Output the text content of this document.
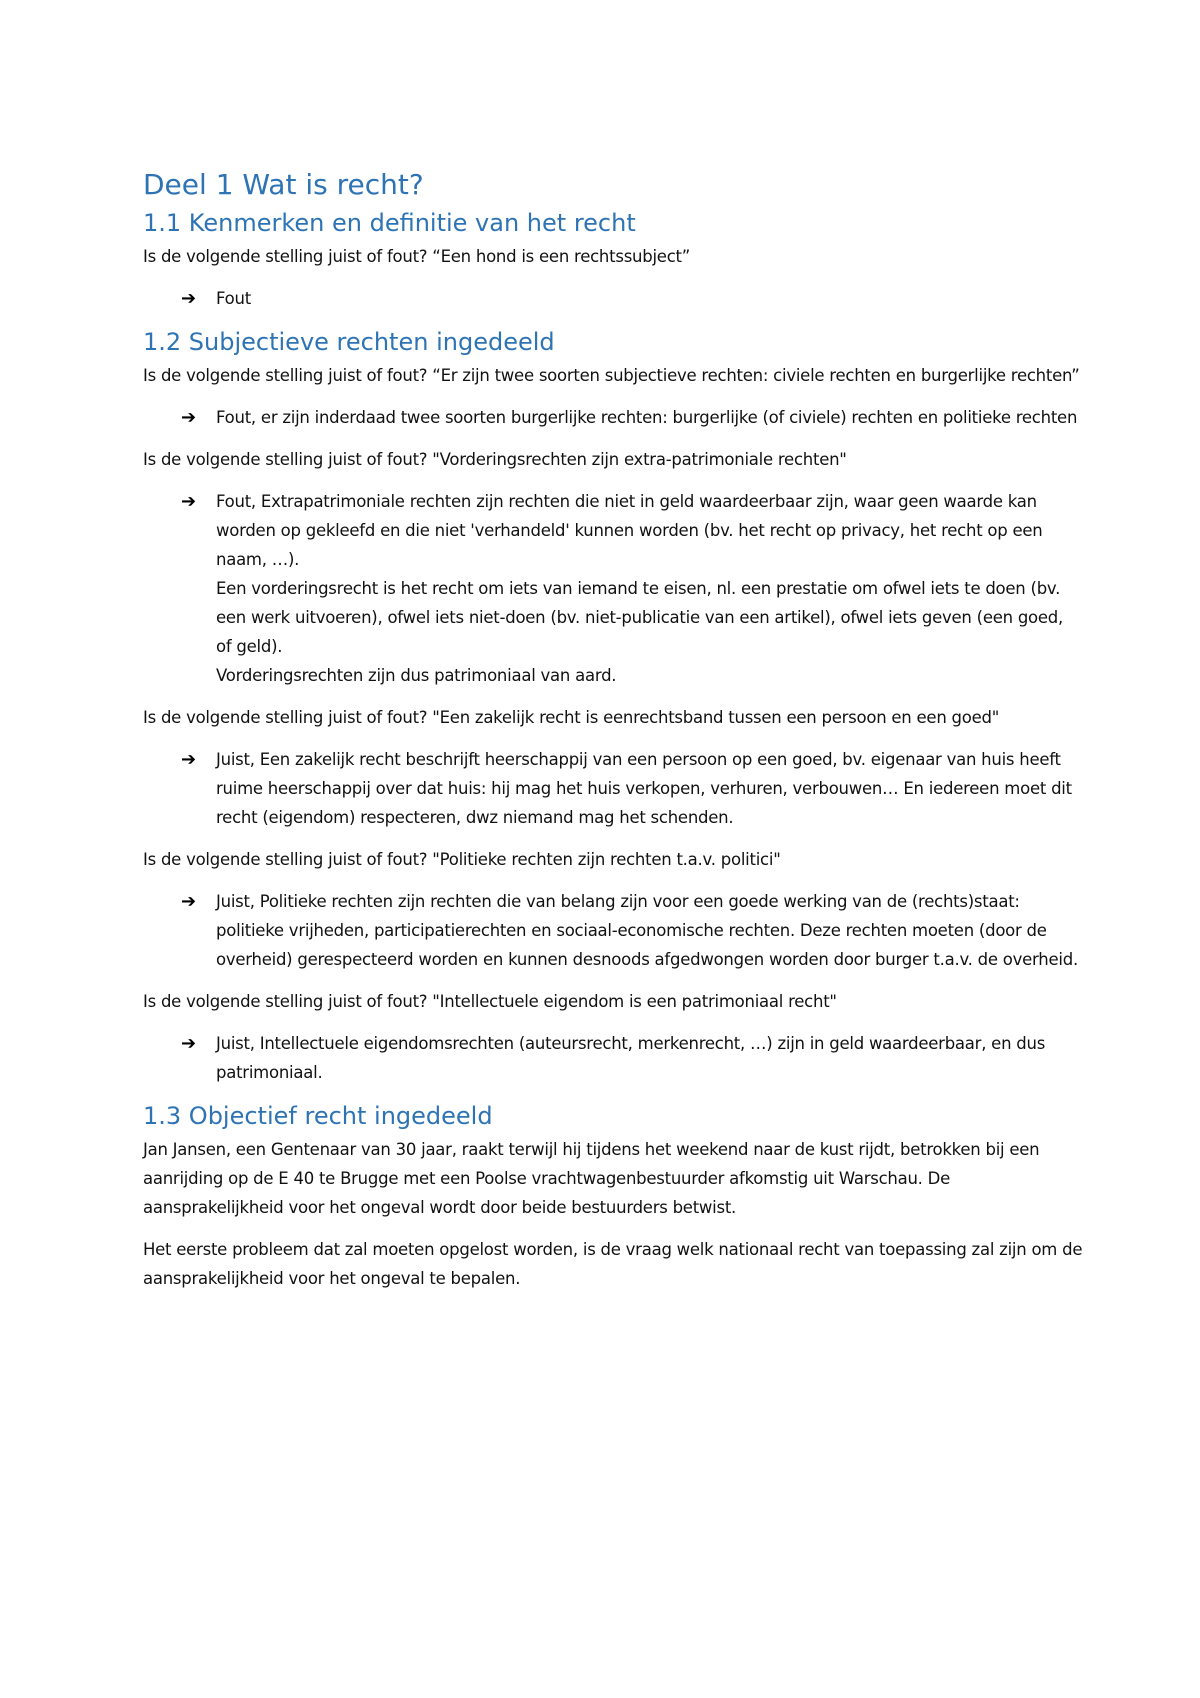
Deel 1 Wat is recht?
1.1 Kenmerken en definitie van het recht

Is de volgende stelling juist of fout? “Een hond is een rechtssubject”

➔ Fout
1.2 Subjectieve rechten ingedeeld

Is de volgende stelling juist of fout? “Er zijn twee soorten subjectieve rechten: civiele rechten en burgerlijke rechten”

➔ Fout, er zijn inderdaad twee soorten burgerlijke rechten: burgerlijke (of civiele) rechten en politieke rechten

Is de volgende stelling juist of fout? "Vorderingsrechten zijn extra-patrimoniale rechten"

➔ Fout, Extrapatrimoniale rechten zijn rechten die niet in geld waardeerbaar zijn, waar geen waarde kan worden op gekleefd en die niet 'verhandeld' kunnen worden (bv. het recht op privacy, het recht op een naam, …).
Een vorderingsrecht is het recht om iets van iemand te eisen, nl. een prestatie om ofwel iets te doen (bv. een werk uitvoeren), ofwel iets niet-doen (bv. niet-publicatie van een artikel), ofwel iets geven (een goed, of geld).
Vorderingsrechten zijn dus patrimoniaal van aard.

Is de volgende stelling juist of fout? "Een zakelijk recht is eenrechtsband tussen een persoon en een goed"

➔ Juist, Een zakelijk recht beschrijft heerschappij van een persoon op een goed, bv. eigenaar van huis heeft ruime heerschappij over dat huis: hij mag het huis verkopen, verhuren, verbouwen… En iedereen moet dit recht (eigendom) respecteren, dwz niemand mag het schenden.

Is de volgende stelling juist of fout? "Politieke rechten zijn rechten t.a.v. politici"

➔ Juist, Politieke rechten zijn rechten die van belang zijn voor een goede werking van de (rechts)staat: politieke vrijheden, participatierechten en sociaal-economische rechten. Deze rechten moeten (door de overheid) gerespecteerd worden en kunnen desnoods afgedwongen worden door burger t.a.v. de overheid.

Is de volgende stelling juist of fout? "Intellectuele eigendom is een patrimoniaal recht"

➔ Juist, Intellectuele eigendomsrechten (auteursrecht, merkenrecht, …) zijn in geld waardeerbaar, en dus patrimoniaal.
1.3 Objectief recht ingedeeld

Jan Jansen, een Gentenaar van 30 jaar, raakt terwijl hij tijdens het weekend naar de kust rijdt, betrokken bij een aanrijding op de E 40 te Brugge met een Poolse vrachtwagenbestuurder afkomstig uit Warschau. De aansprakelijkheid voor het ongeval wordt door beide bestuurders betwist.

Het eerste probleem dat zal moeten opgelost worden, is de vraag welk nationaal recht van toepassing zal zijn om de aansprakelijkheid voor het ongeval te bepalen.
